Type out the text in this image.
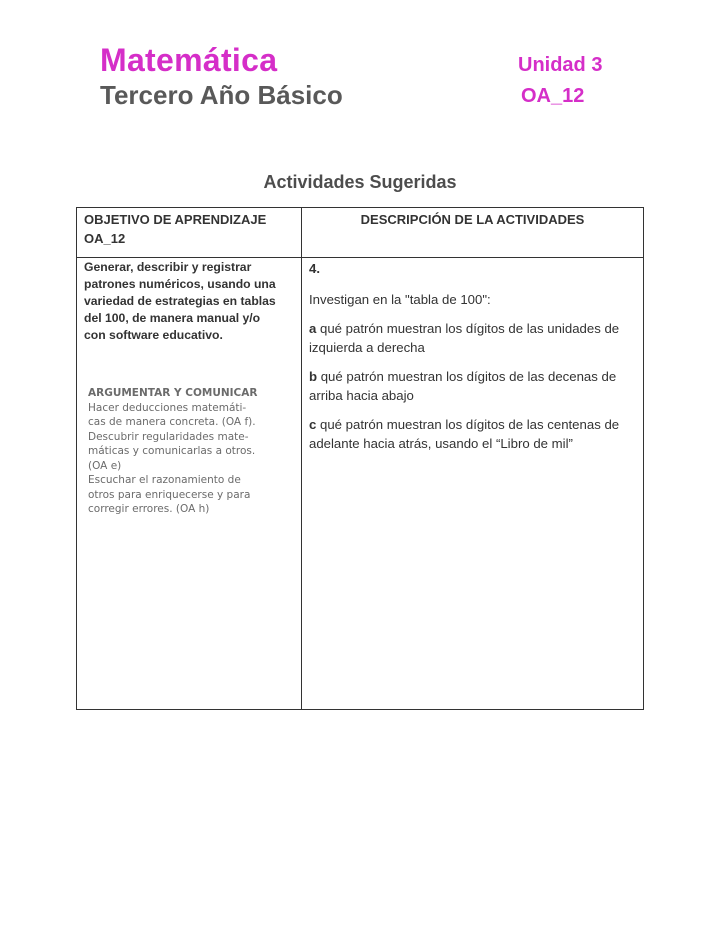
Matemática
Tercero Año Básico
Unidad 3
OA_12
Actividades Sugeridas
OBJETIVO DE APRENDIZAJE
OA_12
DESCRIPCIÓN DE LA ACTIVIDADES
Generar, describir y registrar
patrones numéricos, usando una
variedad de estrategias en tablas
del 100, de manera manual y/o
con software educativo.
ARGUMENTAR Y COMUNICAR
Hacer deducciones matemáti-
cas de manera concreta. (OA f).
Descubrir regularidades mate-
máticas y comunicarlas a otros.
(OA e)
Escuchar el razonamiento de
otros para enriquecerse y para
corregir errores. (OA h)
4.
Investigan en la "tabla de 100":
a qué patrón muestran los dígitos de las unidades de izquierda a derecha
b qué patrón muestran los dígitos de las decenas de arriba hacia abajo
c qué patrón muestran los dígitos de las centenas de adelante hacia atrás, usando el “Libro de mil”
